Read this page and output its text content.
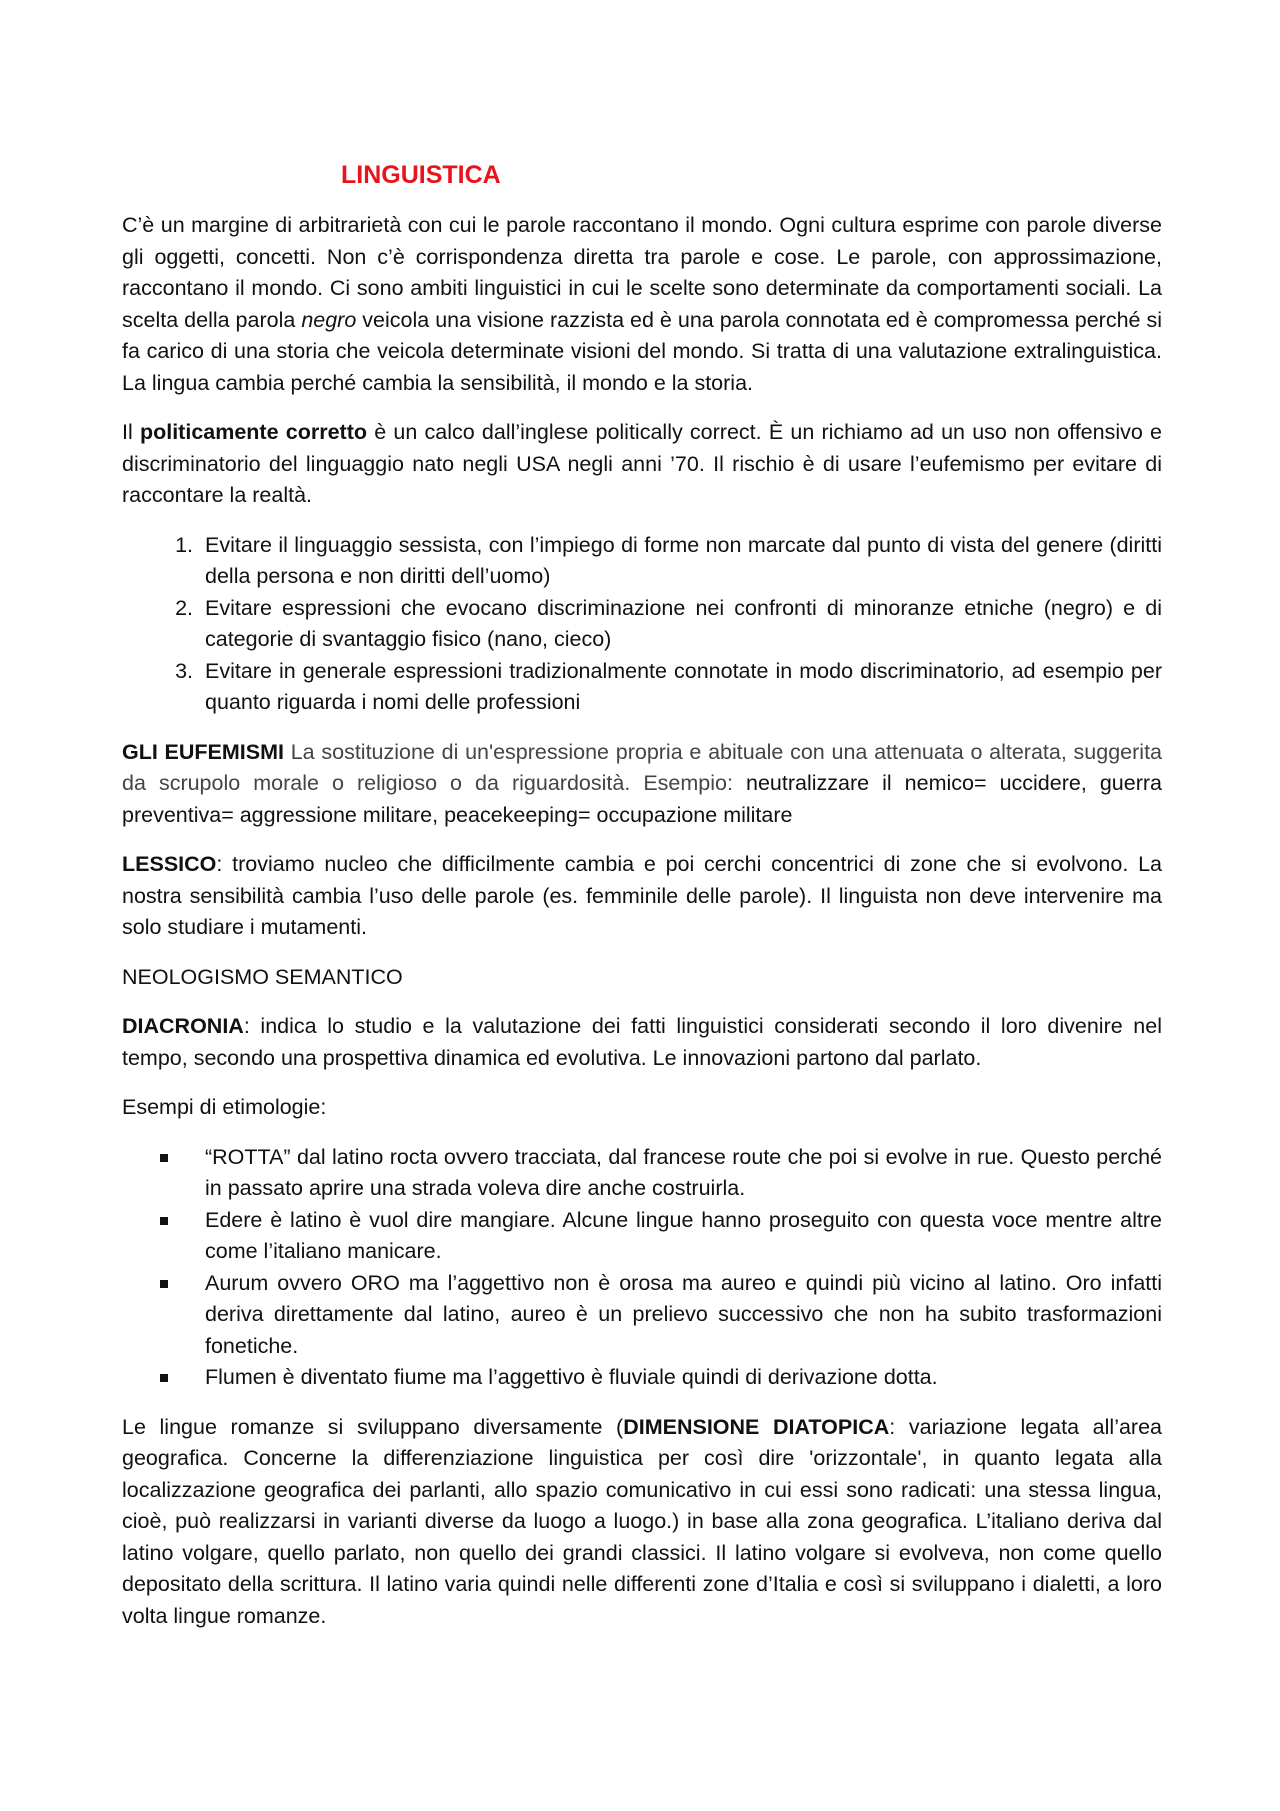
LINGUISTICA

C’è un margine di arbitrarietà con cui le parole raccontano il mondo. Ogni cultura esprime con parole diverse gli oggetti, concetti. Non c’è corrispondenza diretta tra parole e cose. Le parole, con approssimazione, raccontano il mondo. Ci sono ambiti linguistici in cui le scelte sono determinate da comportamenti sociali. La scelta della parola negro veicola una visione razzista ed è una parola connotata ed è compromessa perché si fa carico di una storia che veicola determinate visioni del mondo. Si tratta di una valutazione extralinguistica. La lingua cambia perché cambia la sensibilità, il mondo e la storia.

Il politicamente corretto è un calco dall’inglese politically correct. È un richiamo ad un uso non offensivo e discriminatorio del linguaggio nato negli USA negli anni ’70. Il rischio è di usare l’eufemismo per evitare di raccontare la realtà.

1. Evitare il linguaggio sessista, con l’impiego di forme non marcate dal punto di vista del genere (diritti della persona e non diritti dell’uomo)
2. Evitare espressioni che evocano discriminazione nei confronti di minoranze etniche (negro) e di categorie di svantaggio fisico (nano, cieco)
3. Evitare in generale espressioni tradizionalmente connotate in modo discriminatorio, ad esempio per quanto riguarda i nomi delle professioni

GLI EUFEMISMI La sostituzione di un'espressione propria e abituale con una attenuata o alterata, suggerita da scrupolo morale o religioso o da riguardosità. Esempio: neutralizzare il nemico= uccidere, guerra preventiva= aggressione militare, peacekeeping= occupazione militare

LESSICO: troviamo nucleo che difficilmente cambia e poi cerchi concentrici di zone che si evolvono. La nostra sensibilità cambia l’uso delle parole (es. femminile delle parole). Il linguista non deve intervenire ma solo studiare i mutamenti.

NEOLOGISMO SEMANTICO

DIACRONIA: indica lo studio e la valutazione dei fatti linguistici considerati secondo il loro divenire nel tempo, secondo una prospettiva dinamica ed evolutiva. Le innovazioni partono dal parlato.

Esempi di etimologie:

“ROTTA” dal latino rocta ovvero tracciata, dal francese route che poi si evolve in rue. Questo perché in passato aprire una strada voleva dire anche costruirla.
Edere è latino è vuol dire mangiare. Alcune lingue hanno proseguito con questa voce mentre altre come l’italiano manicare.
Aurum ovvero ORO ma l’aggettivo non è orosa ma aureo e quindi più vicino al latino. Oro infatti deriva direttamente dal latino, aureo è un prelievo successivo che non ha subito trasformazioni fonetiche.
Flumen è diventato fiume ma l’aggettivo è fluviale quindi di derivazione dotta.

Le lingue romanze si sviluppano diversamente (DIMENSIONE DIATOPICA: variazione legata all’area geografica. Concerne la differenziazione linguistica per così dire 'orizzontale', in quanto legata alla localizzazione geografica dei parlanti, allo spazio comunicativo in cui essi sono radicati: una stessa lingua, cioè, può realizzarsi in varianti diverse da luogo a luogo.) in base alla zona geografica. L’italiano deriva dal latino volgare, quello parlato, non quello dei grandi classici. Il latino volgare si evolveva, non come quello depositato della scrittura. Il latino varia quindi nelle differenti zone d’Italia e così si sviluppano i dialetti, a loro volta lingue romanze.
